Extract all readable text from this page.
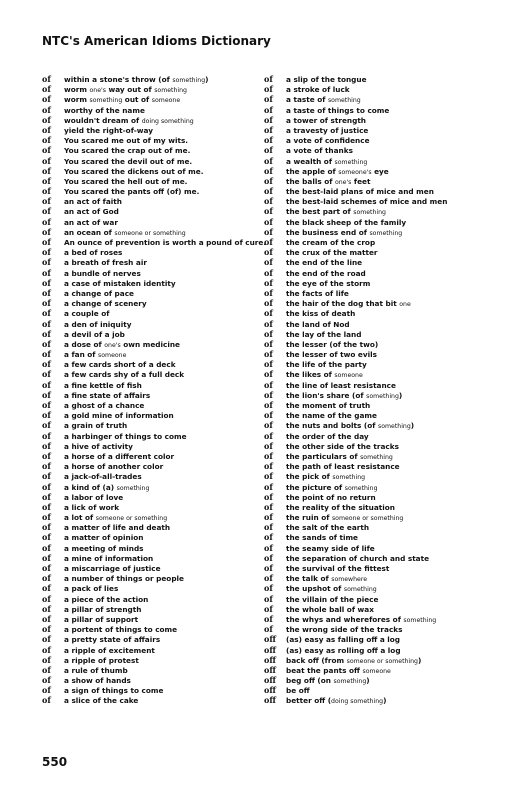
NTC's American Idioms Dictionary
of within a stone's throw (of something)
of worm one's way out of something
of worm something out of someone
of worthy of the name
of wouldn't dream of doing something
of yield the right-of-way
of You scared me out of my wits.
of You scared the crap out of me.
of You scared the devil out of me.
of You scared the dickens out of me.
of You scared the hell out of me.
of You scared the pants off (of) me.
of an act of faith
of an act of God
of an act of war
of an ocean of someone or something
of An ounce of prevention is worth a pound of cure.
of a bed of roses
of a breath of fresh air
of a bundle of nerves
of a case of mistaken identity
of a change of pace
of a change of scenery
of a couple of
of a den of iniquity
of a devil of a job
of a dose of one's own medicine
of a fan of someone
of a few cards short of a deck
of a few cards shy of a full deck
of a fine kettle of fish
of a fine state of affairs
of a ghost of a chance
of a gold mine of information
of a grain of truth
of a harbinger of things to come
of a hive of activity
of a horse of a different color
of a horse of another color
of a jack-of-all-trades
of a kind of (a) something
of a labor of love
of a lick of work
of a lot of someone or something
of a matter of life and death
of a matter of opinion
of a meeting of minds
of a mine of information
of a miscarriage of justice
of a number of things or people
of a pack of lies
of a piece of the action
of a pillar of strength
of a pillar of support
of a portent of things to come
of a pretty state of affairs
of a ripple of excitement
of a ripple of protest
of a rule of thumb
of a show of hands
of a sign of things to come
of a slice of the cake
of a slip of the tongue
of a stroke of luck
of a taste of something
of a taste of things to come
of a tower of strength
of a travesty of justice
of a vote of confidence
of a vote of thanks
of a wealth of something
of the apple of someone's eye
of the balls of one's feet
of the best-laid plans of mice and men
of the best-laid schemes of mice and men
of the best part of something
of the black sheep of the family
of the business end of something
of the cream of the crop
of the crux of the matter
of the end of the line
of the end of the road
of the eye of the storm
of the facts of life
of the hair of the dog that bit one
of the kiss of death
of the land of Nod
of the lay of the land
of the lesser (of the two)
of the lesser of two evils
of the life of the party
of the likes of someone
of the line of least resistance
of the lion's share (of something)
of the moment of truth
of the name of the game
of the nuts and bolts (of something)
of the order of the day
of the other side of the tracks
of the particulars of something
of the path of least resistance
of the pick of something
of the picture of something
of the point of no return
of the reality of the situation
of the ruin of someone or something
of the salt of the earth
of the sands of time
of the seamy side of life
of the separation of church and state
of the survival of the fittest
of the talk of somewhere
of the upshot of something
of the villain of the piece
of the whole ball of wax
of the whys and wherefores of something
of the wrong side of the tracks
off (as) easy as falling off a log
off (as) easy as rolling off a log
off back off (from someone or something)
off beat the pants off someone
off beg off (on something)
off be off
off better off (doing something)
550
